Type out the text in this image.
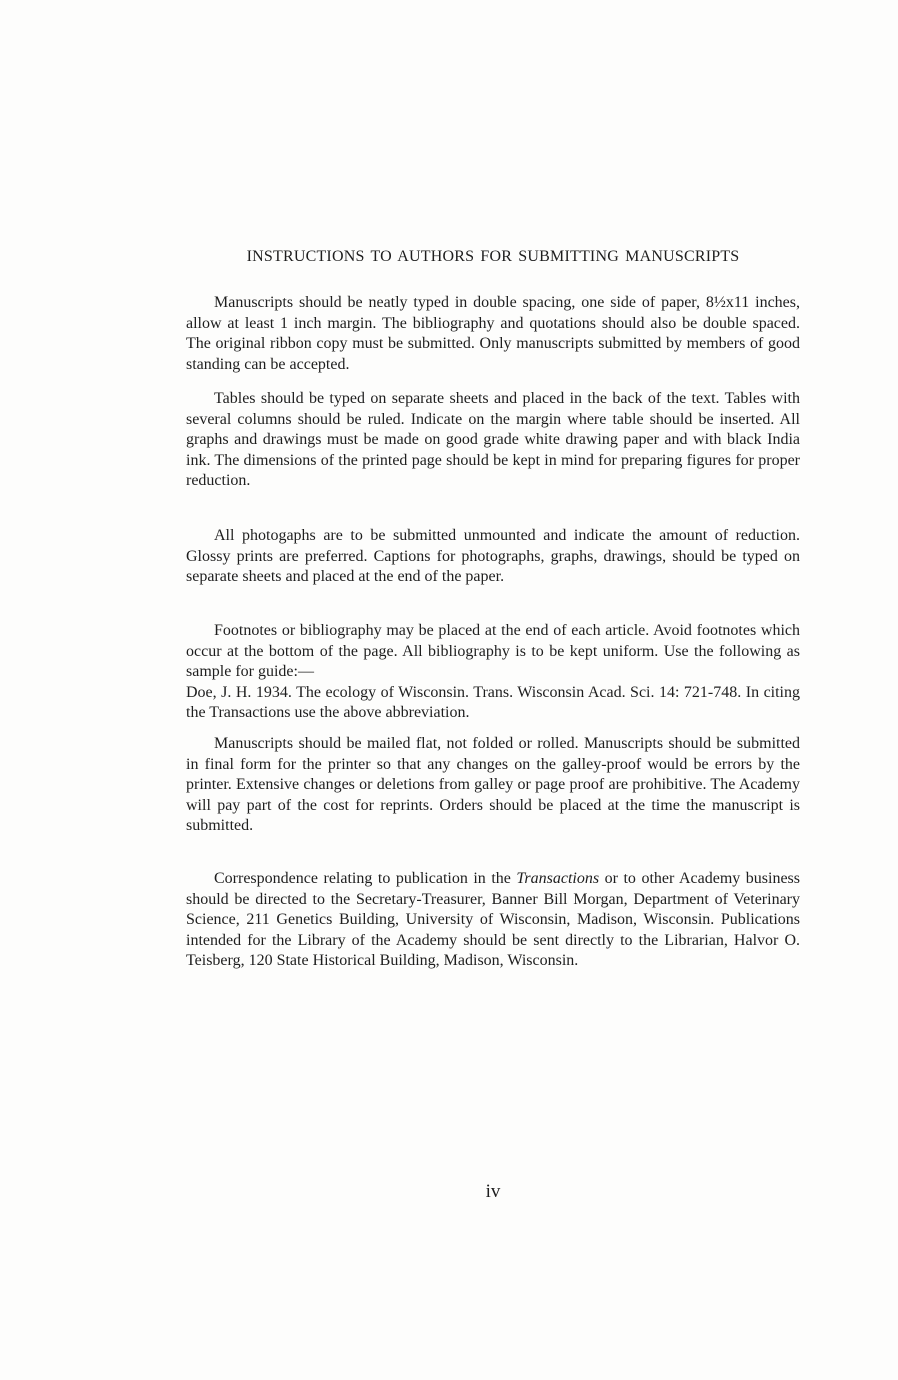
INSTRUCTIONS TO AUTHORS FOR SUBMITTING MANUSCRIPTS

Manuscripts should be neatly typed in double spacing, one side of paper, 8½x11 inches, allow at least 1 inch margin. The bibliography and quotations should also be double spaced. The original ribbon copy must be submitted. Only manuscripts submitted by members of good standing can be accepted.

Tables should be typed on separate sheets and placed in the back of the text. Tables with several columns should be ruled. Indicate on the margin where table should be inserted. All graphs and drawings must be made on good grade white drawing paper and with black India ink. The dimensions of the printed page should be kept in mind for preparing figures for proper reduction.

All photogaphs are to be submitted unmounted and indicate the amount of reduction. Glossy prints are preferred. Captions for photographs, graphs, drawings, should be typed on separate sheets and placed at the end of the paper.

Footnotes or bibliography may be placed at the end of each article. Avoid footnotes which occur at the bottom of the page. All bibliography is to be kept uniform. Use the following as sample for guide:—

Doe, J. H. 1934. The ecology of Wisconsin. Trans. Wisconsin Acad. Sci. 14: 721-748. In citing the Transactions use the above abbreviation.

Manuscripts should be mailed flat, not folded or rolled. Manuscripts should be submitted in final form for the printer so that any changes on the galley-proof would be errors by the printer. Extensive changes or deletions from galley or page proof are prohibitive. The Academy will pay part of the cost for reprints. Orders should be placed at the time the manuscript is submitted.

Correspondence relating to publication in the Transactions or to other Academy business should be directed to the Secretary-Treasurer, Banner Bill Morgan, Department of Veterinary Science, 211 Genetics Building, University of Wisconsin, Madison, Wisconsin. Publications intended for the Library of the Academy should be sent directly to the Librarian, Halvor O. Teisberg, 120 State Historical Building, Madison, Wisconsin.

iv
